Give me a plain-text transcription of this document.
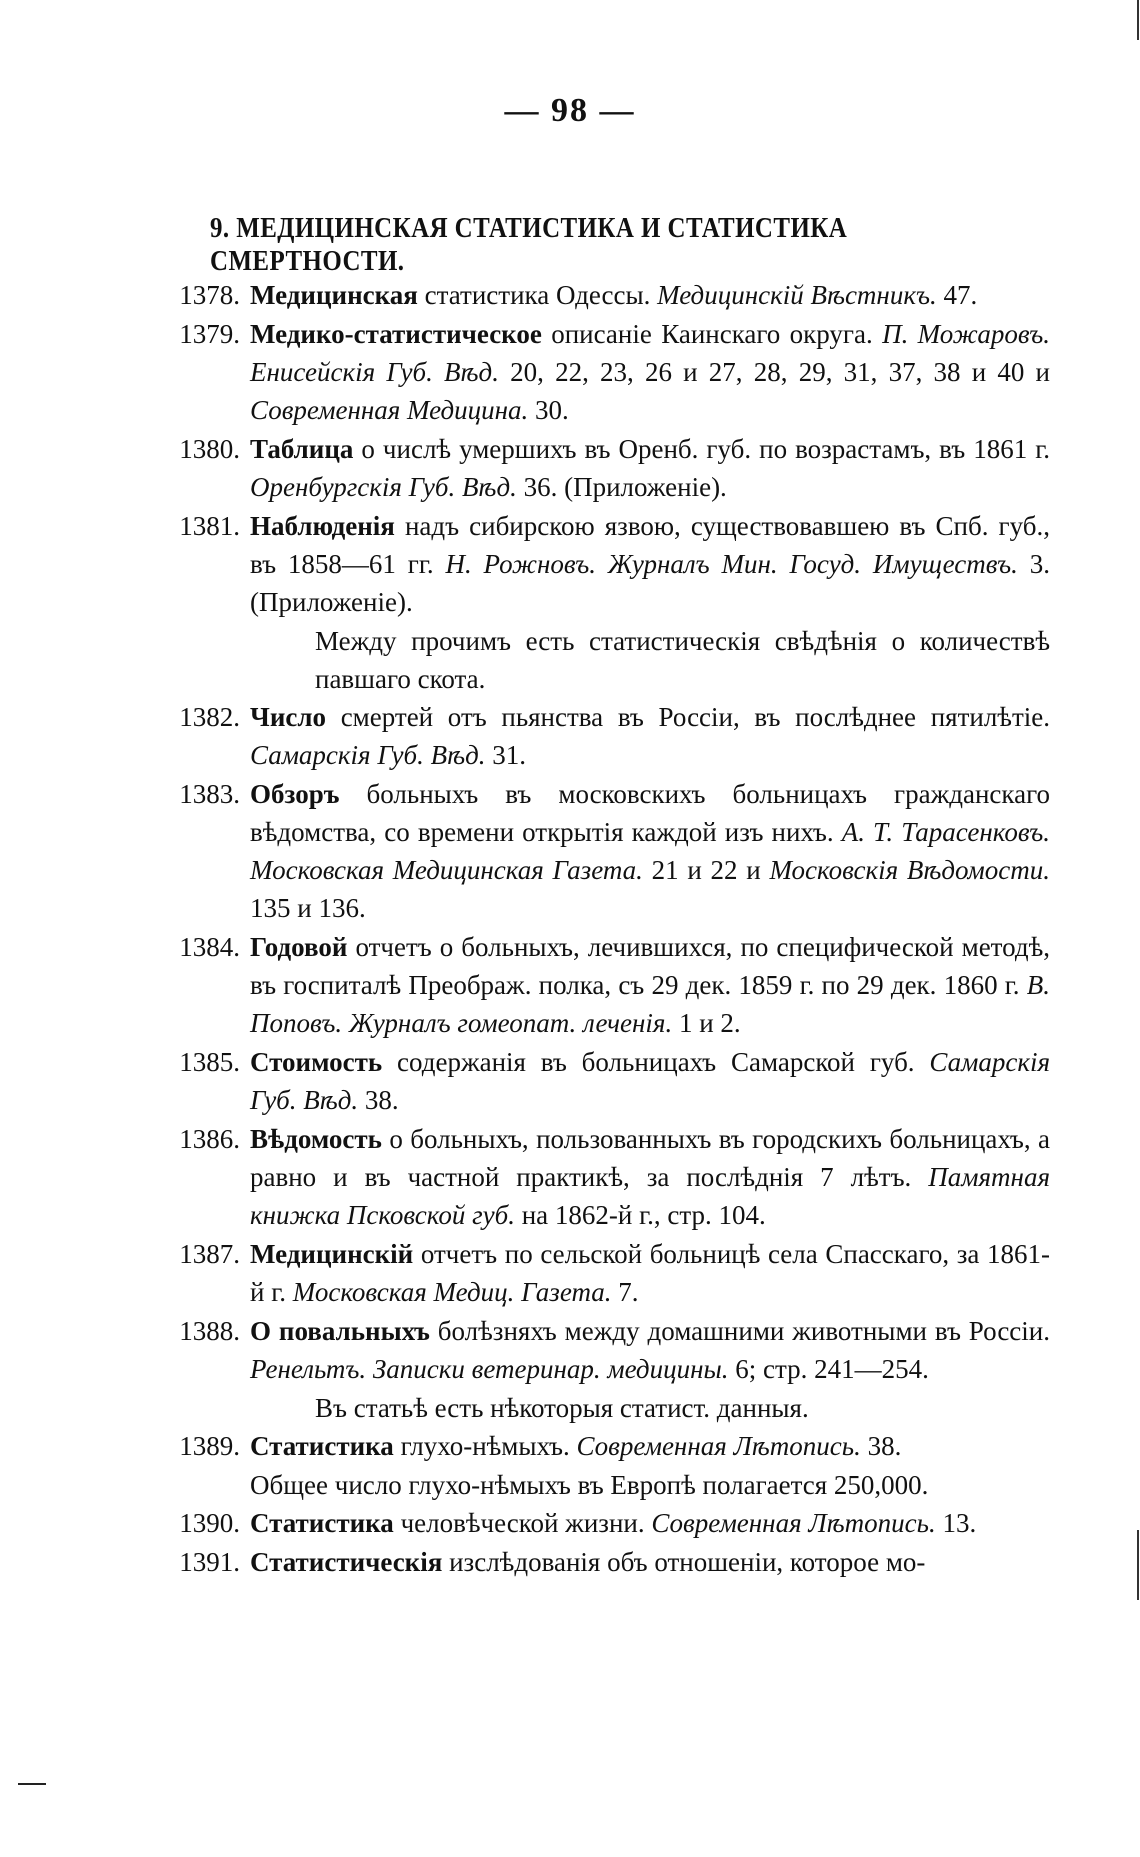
— 98 —
9. МЕДИЦИНСКАЯ СТАТИСТИКА И СТАТИСТИКА СМЕРТНОСТИ.
1378. Медицинская статистика Одессы. Медицинскій Вѣстникъ. 47.
1379. Медико-статистическое описаніе Каинскаго округа. П. Можаровъ. Енисейскія Губ. Вѣд. 20, 22, 23, 26 и 27, 28, 29, 31, 37, 38 и 40 и Современная Медицина. 30.
1380. Таблица о числѣ умершихъ въ Оренб. губ. по возрастамъ, въ 1861 г. Оренбургскія Губ. Вѣд. 36. (Приложеніе).
1381. Наблюденія надъ сибирскою язвою, существовавшею въ Спб. губ., въ 1858—61 гг. Н. Рожновъ. Журналъ Мин. Госуд. Имуществъ. 3. (Приложеніе).
Между прочимъ есть статистическія свѣдѣнія о количествѣ павшаго скота.
1382. Число смертей отъ пьянства въ Россіи, въ послѣднее пятилѣтіе. Самарскія Губ. Вѣд. 31.
1383. Обзоръ больныхъ въ московскихъ больницахъ гражданскаго вѣдомства, со времени открытія каждой изъ нихъ. А. Т. Тарасенковъ. Московская Медицинская Газета. 21 и 22 и Московскія Вѣдомости. 135 и 136.
1384. Годовой отчетъ о больныхъ, лечившихся, по специфической методѣ, въ госпиталѣ Преображ. полка, съ 29 дек. 1859 г. по 29 дек. 1860 г. В. Поповъ. Журналъ гомеопат. леченія. 1 и 2.
1385. Стоимость содержанія въ больницахъ Самарской губ. Самарскія Губ. Вѣд. 38.
1386. Вѣдомость о больныхъ, пользованныхъ въ городскихъ больницахъ, а равно и въ частной практикѣ, за послѣднія 7 лѣтъ. Памятная книжка Псковской губ. на 1862-й г., стр. 104.
1387. Медицинскій отчетъ по сельской больницѣ села Спасскаго, за 1861-й г. Московская Медиц. Газета. 7.
1388. О повальныхъ болѣзняхъ между домашними животными въ Россіи. Ренельтъ. Записки ветеринар. медицины. 6; стр. 241—254.
Въ статьѣ есть нѣкоторыя статист. данныя.
1389. Статистика глухо-нѣмыхъ. Современная Лѣтопись. 38.
Общее число глухо-нѣмыхъ въ Европѣ полагается 250,000.
1390. Статистика человѣческой жизни. Современная Лѣтопись. 13.
1391. Статистическія изслѣдованія объ отношеніи, которое мо-
